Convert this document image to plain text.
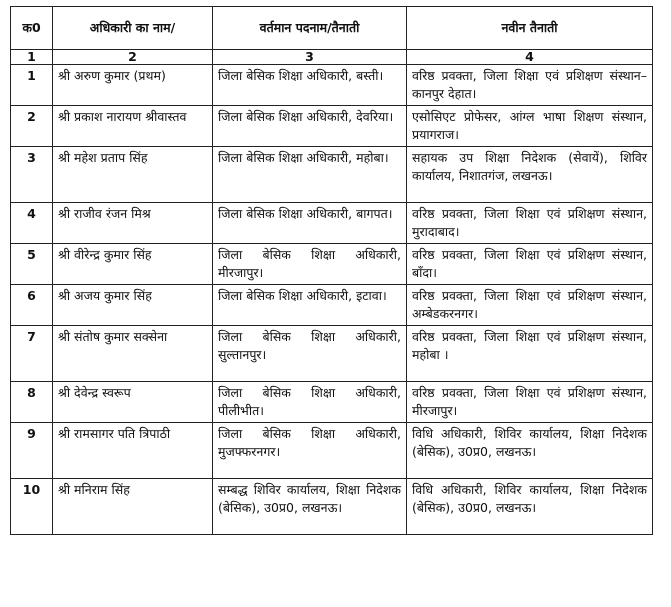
क0	अधिकारी का नाम/	वर्तमान पदनाम/तैनाती	नवीन तैनाती
1	2	3	4
1	श्री अरुण कुमार (प्रथम)	जिला बेसिक शिक्षा अधिकारी, बस्ती।	वरिष्ठ प्रवक्ता, जिला शिक्षा एवं प्रशिक्षण संस्थान–कानपुर देहात।
2	श्री प्रकाश नारायण श्रीवास्तव	जिला बेसिक शिक्षा अधिकारी, देवरिया।	एसोसिएट प्रोफेसर, आंग्ल भाषा शिक्षण संस्थान, प्रयागराज।
3	श्री महेश प्रताप सिंह	जिला बेसिक शिक्षा अधिकारी, महोबा।	सहायक उप शिक्षा निदेशक (सेवायें), शिविर कार्यालय, निशातगंज, लखनऊ।
4	श्री राजीव रंजन मिश्र	जिला बेसिक शिक्षा अधिकारी, बागपत।	वरिष्ठ प्रवक्ता, जिला शिक्षा एवं प्रशिक्षण संस्थान, मुरादाबाद।
5	श्री वीरेन्द्र कुमार सिंह	जिला बेसिक शिक्षा अधिकारी, मीरजापुर।	वरिष्ठ प्रवक्ता, जिला शिक्षा एवं प्रशिक्षण संस्थान, बाँदा।
6	श्री अजय कुमार सिंह	जिला बेसिक शिक्षा अधिकारी, इटावा।	वरिष्ठ प्रवक्ता, जिला शिक्षा एवं प्रशिक्षण संस्थान, अम्बेडकरनगर।
7	श्री संतोष कुमार सक्सेना	जिला बेसिक शिक्षा अधिकारी, सुल्तानपुर।	वरिष्ठ प्रवक्ता, जिला शिक्षा एवं प्रशिक्षण संस्थान, महोबा ।
8	श्री देवेन्द्र स्वरूप	जिला बेसिक शिक्षा अधिकारी, पीलीभीत।	वरिष्ठ प्रवक्ता, जिला शिक्षा एवं प्रशिक्षण संस्थान, मीरजापुर।
9	श्री रामसागर पति त्रिपाठी	जिला बेसिक शिक्षा अधिकारी, मुजफ्फरनगर।	विधि अधिकारी, शिविर कार्यालय, शिक्षा निदेशक (बेसिक), उ0प्र0, लखनऊ।
10	श्री मनिराम सिंह	सम्बद्ध शिविर कार्यालय, शिक्षा निदेशक (बेसिक), उ0प्र0, लखनऊ।	विधि अधिकारी, शिविर कार्यालय, शिक्षा निदेशक (बेसिक), उ0प्र0, लखनऊ।
